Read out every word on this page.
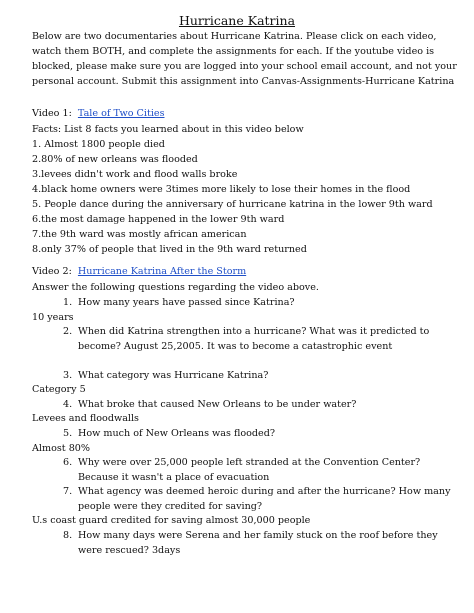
Hurricane Katrina
Below are two documentaries about Hurricane Katrina. Please click on each video,
watch them BOTH, and complete the assignments for each. If the youtube video is
blocked, please make sure you are logged into your school email account, and not your
personal account. Submit this assignment into Canvas-Assignments-Hurricane Katrina
Video 1: Tale of Two Cities
Facts: List 8 facts you learned about in this video below
1. Almost 1800 people died
2.80% of new orleans was flooded
3.levees didn't work and flood walls broke
4.black home owners were 3times more likely to lose their homes in the flood
5. People dance during the anniversary of hurricane katrina in the lower 9th ward
6.the most damage happened in the lower 9th ward
7.the 9th ward was mostly african american
8.only 37% of people that lived in the 9th ward returned
Video 2: Hurricane Katrina After the Storm
Answer the following questions regarding the video above.
1. How many years have passed since Katrina?
10 years
2. When did Katrina strengthen into a hurricane? What was it predicted to
become? August 25,2005. It was to become a catastrophic event
3. What category was Hurricane Katrina?
Category 5
4. What broke that caused New Orleans to be under water?
Levees and floodwalls
5. How much of New Orleans was flooded?
Almost 80%
6. Why were over 25,000 people left stranded at the Convention Center?
Because it wasn't a place of evacuation
7. What agency was deemed heroic during and after the hurricane? How many
people were they credited for saving?
U.s coast guard credited for saving almost 30,000 people
8. How many days were Serena and her family stuck on the roof before they
were rescued? 3days
